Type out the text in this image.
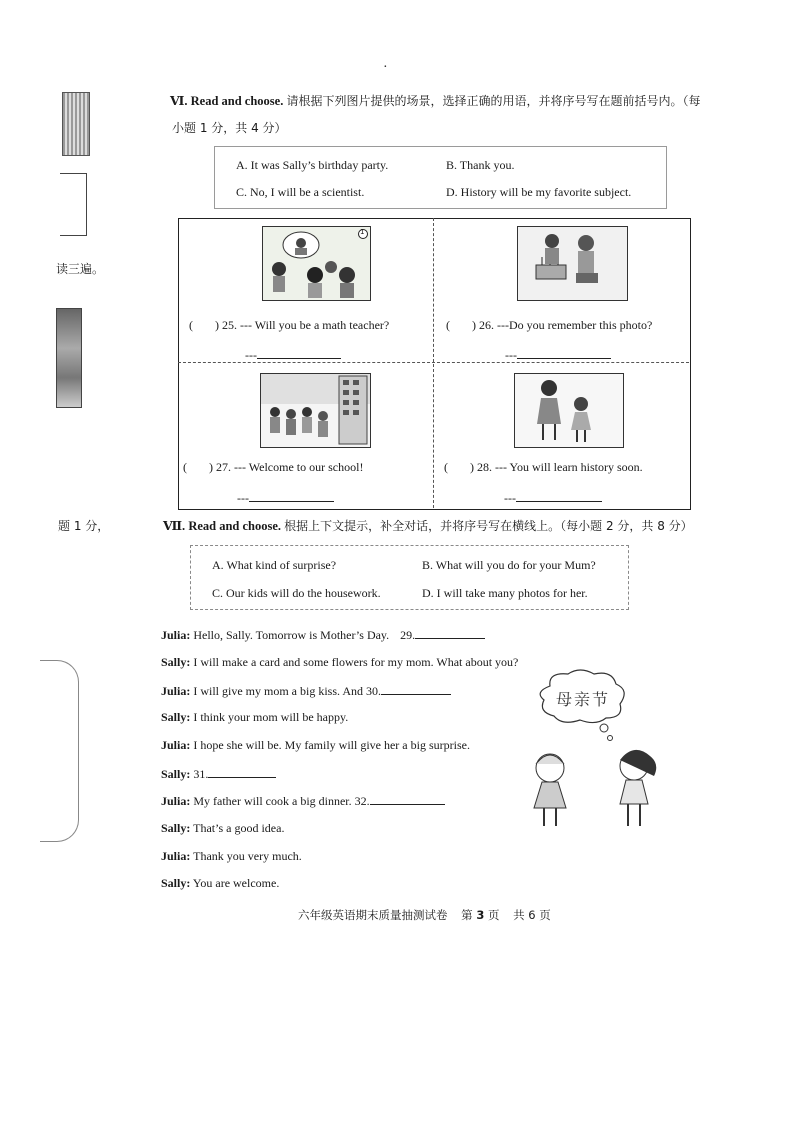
·
读三遍。
题 1 分，
Ⅵ. Read and choose. 请根据下列图片提供的场景，选择正确的用语，并将序号写在题前括号内。（每
小题 1 分，共 4 分）
A. It was Sally’s birthday party.	B. Thank you.
C. No, I will be a scientist.	D. History will be my favorite subject.
1
( ) 25. --- Will you be a math teacher?
---
( ) 26. ---Do you remember this photo?
---
( ) 27. --- Welcome to our school!
---
( ) 28. --- You will learn history soon.
---
Ⅶ. Read and choose. 根据上下文提示，补全对话，并将序号写在横线上。（每小题 2 分，共 8 分）
A. What kind of surprise?	B. What will you do for your Mum?
C. Our kids will do the housework.	D. I will take many photos for her.
Julia: Hello, Sally. Tomorrow is Mother’s Day. 29.
Sally: I will make a card and some flowers for my mom. What about you?
Julia: I will give my mom a big kiss. And 30.
Sally: I think your mom will be happy.
Julia: I hope she will be. My family will give her a big surprise.
Sally: 31.
Julia: My father will cook a big dinner. 32.
Sally: That’s a good idea.
Julia: Thank you very much.
Sally: You are welcome.
母亲节
六年级英语期末质量抽测试卷 第 3 页 共 6 页
